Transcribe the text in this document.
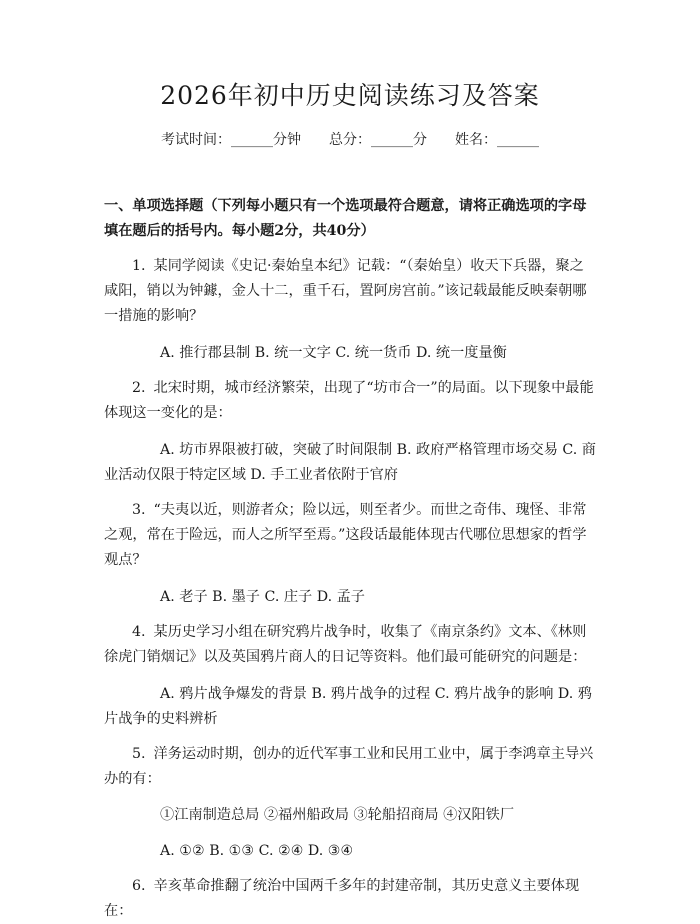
2026年初中历史阅读练习及答案
考试时间：______分钟 总分：______分 姓名：______
一、单项选择题（下列每小题只有一个选项最符合题意，请将正确选项的字母填在题后的括号内。每小题2分，共40分）
1. 某同学阅读《史记·秦始皇本纪》记载：“（秦始皇）收天下兵器，聚之咸阳，销以为钟鐻，金人十二，重千石，置阿房宫前。”该记载最能反映秦朝哪一措施的影响？
A. 推行郡县制 B. 统一文字 C. 统一货币 D. 统一度量衡
2. 北宋时期，城市经济繁荣，出现了“坊市合一”的局面。以下现象中最能体现这一变化的是：
A. 坊市界限被打破，突破了时间限制 B. 政府严格管理市场交易 C. 商业活动仅限于特定区域 D. 手工业者依附于官府
3. “夫夷以近，则游者众；险以远，则至者少。而世之奇伟、瑰怪、非常之观，常在于险远，而人之所罕至焉。”这段话最能体现古代哪位思想家的哲学观点？
A. 老子 B. 墨子 C. 庄子 D. 孟子
4. 某历史学习小组在研究鸦片战争时，收集了《南京条约》文本、《林则徐虎门销烟记》以及英国鸦片商人的日记等资料。他们最可能研究的问题是：
A. 鸦片战争爆发的背景 B. 鸦片战争的过程 C. 鸦片战争的影响 D. 鸦片战争的史料辨析
5. 洋务运动时期，创办的近代军事工业和民用工业中，属于李鸿章主导兴办的有：
①江南制造总局 ②福州船政局 ③轮船招商局 ④汉阳铁厂
A. ①② B. ①③ C. ②④ D. ③④
6. 辛亥革命推翻了统治中国两千多年的封建帝制，其历史意义主要体现在：
